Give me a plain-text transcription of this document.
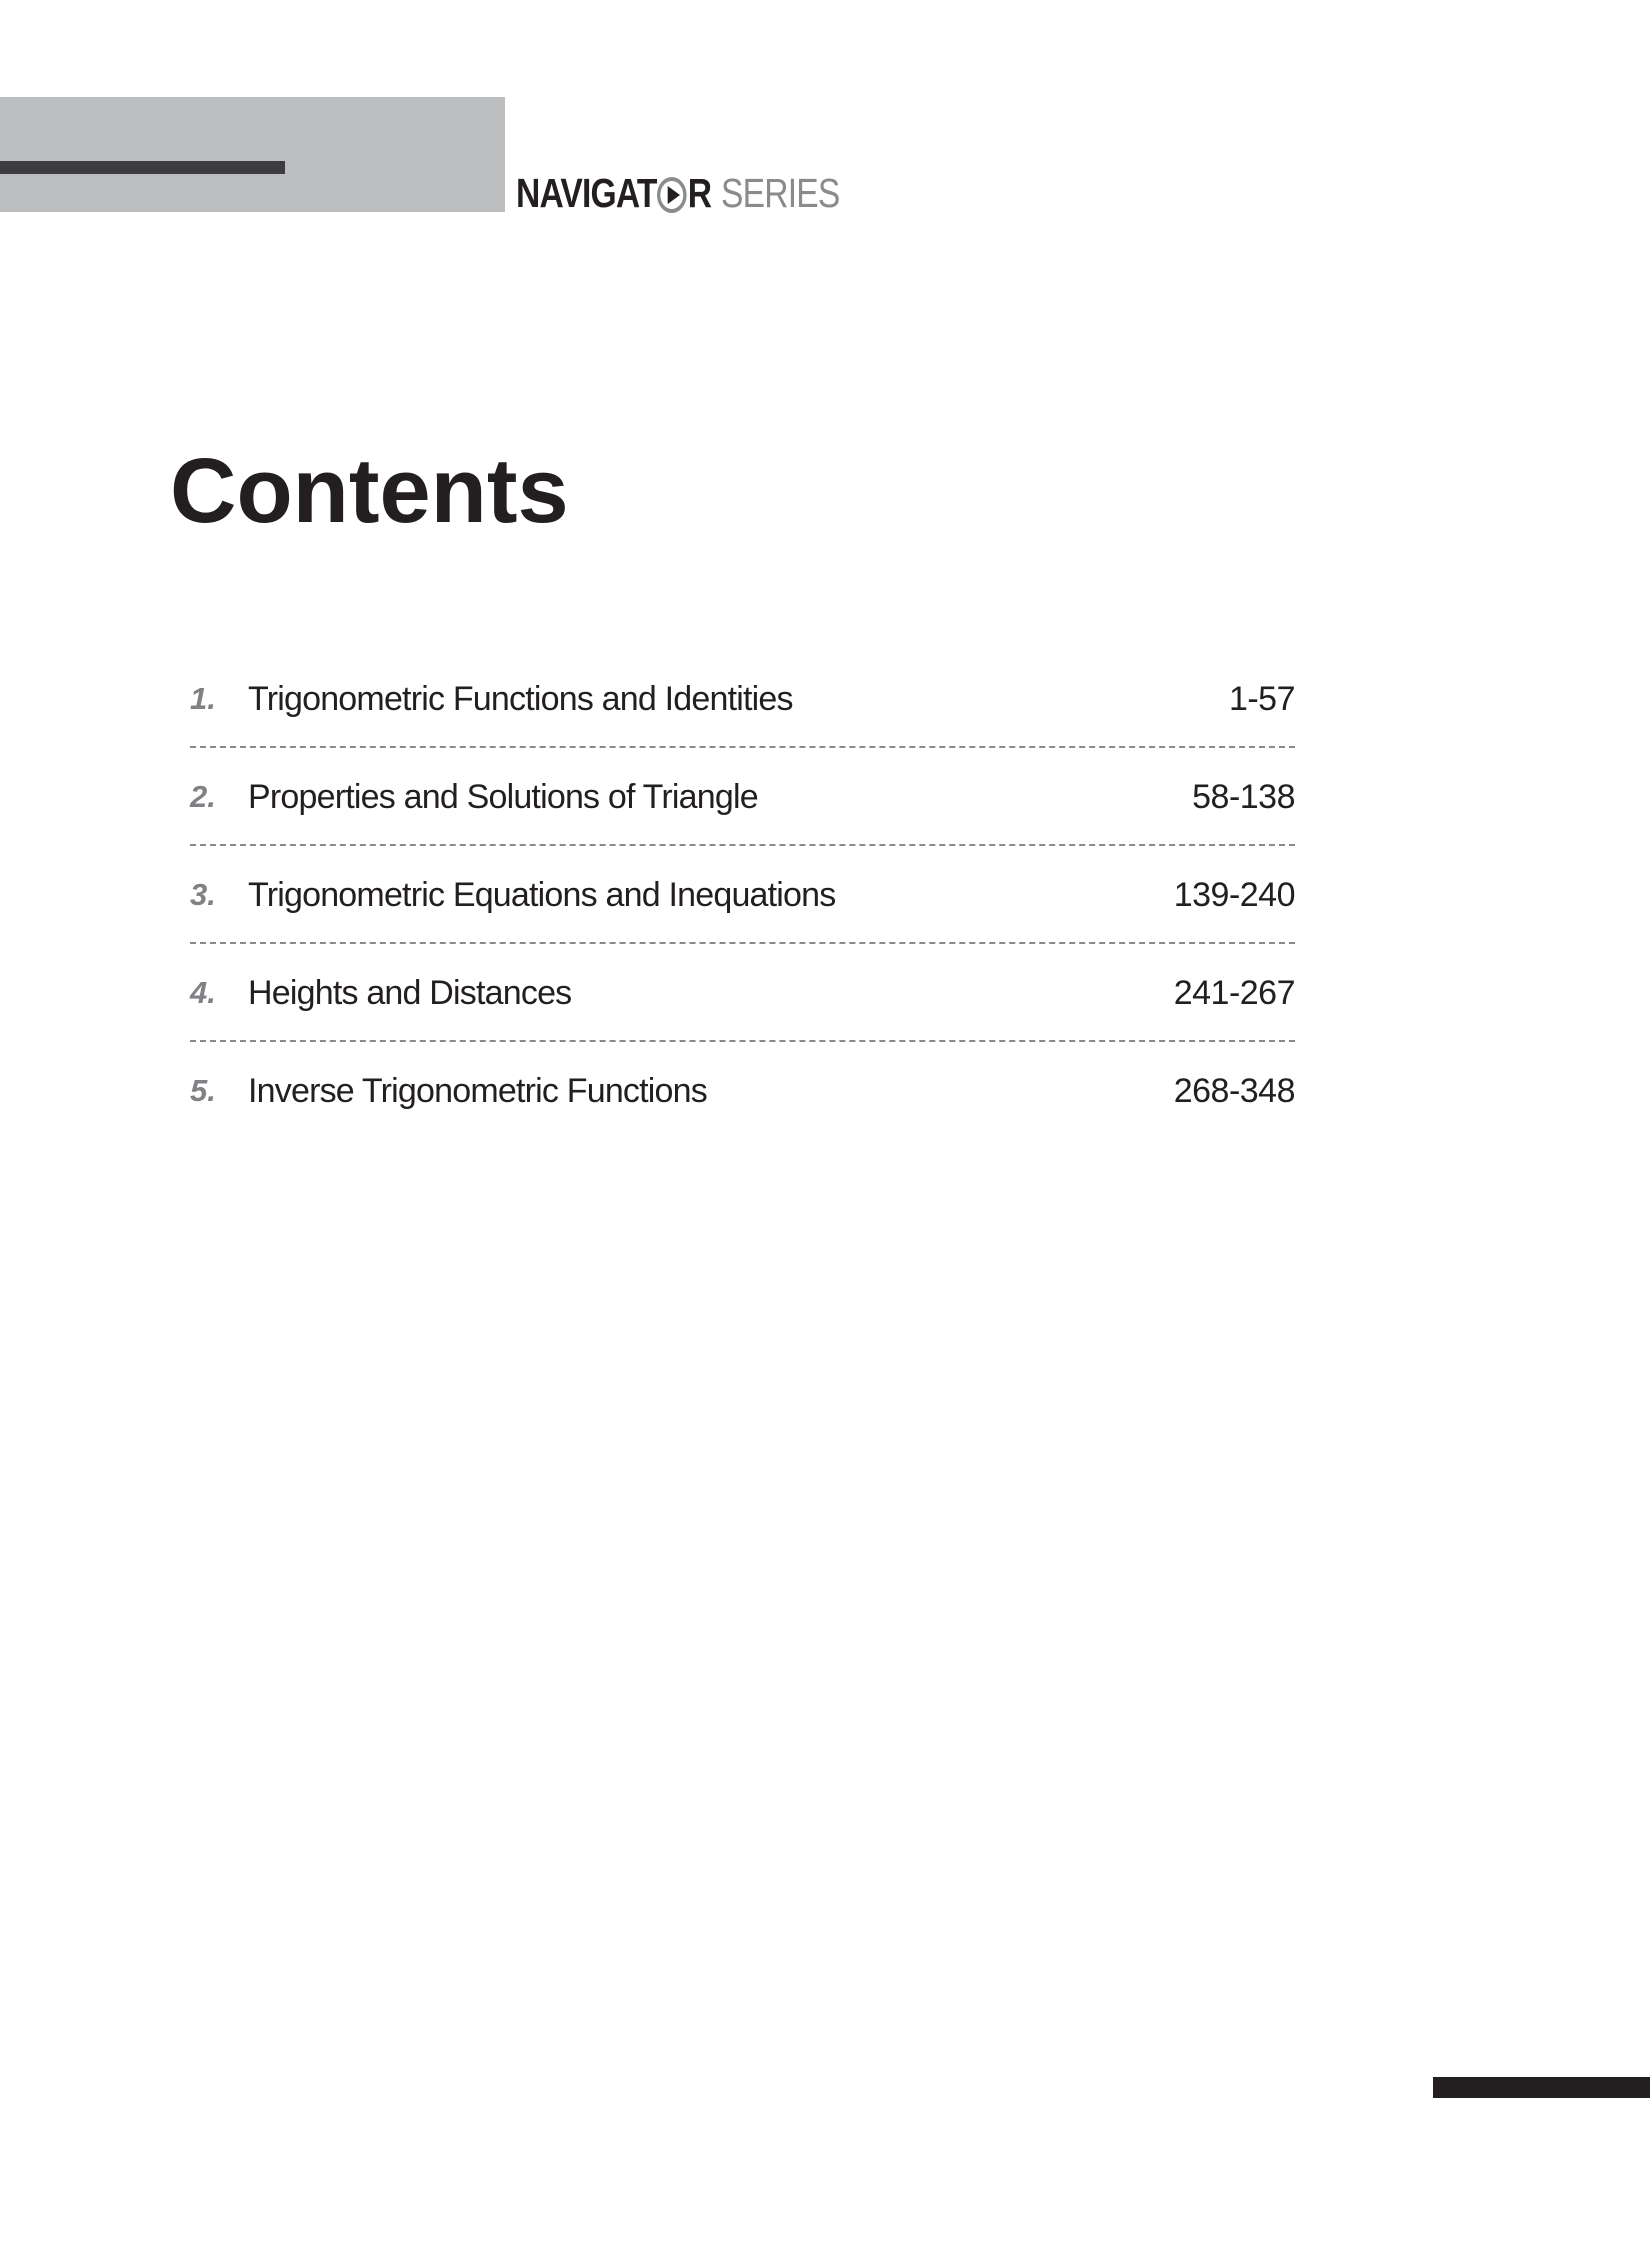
NAVIGAT R SERIES
Contents
1. Trigonometric Functions and Identities	1-57
2. Properties and Solutions of Triangle	58-138
3. Trigonometric Equations and Inequations	139-240
4. Heights and Distances	241-267
5. Inverse Trigonometric Functions	268-348
